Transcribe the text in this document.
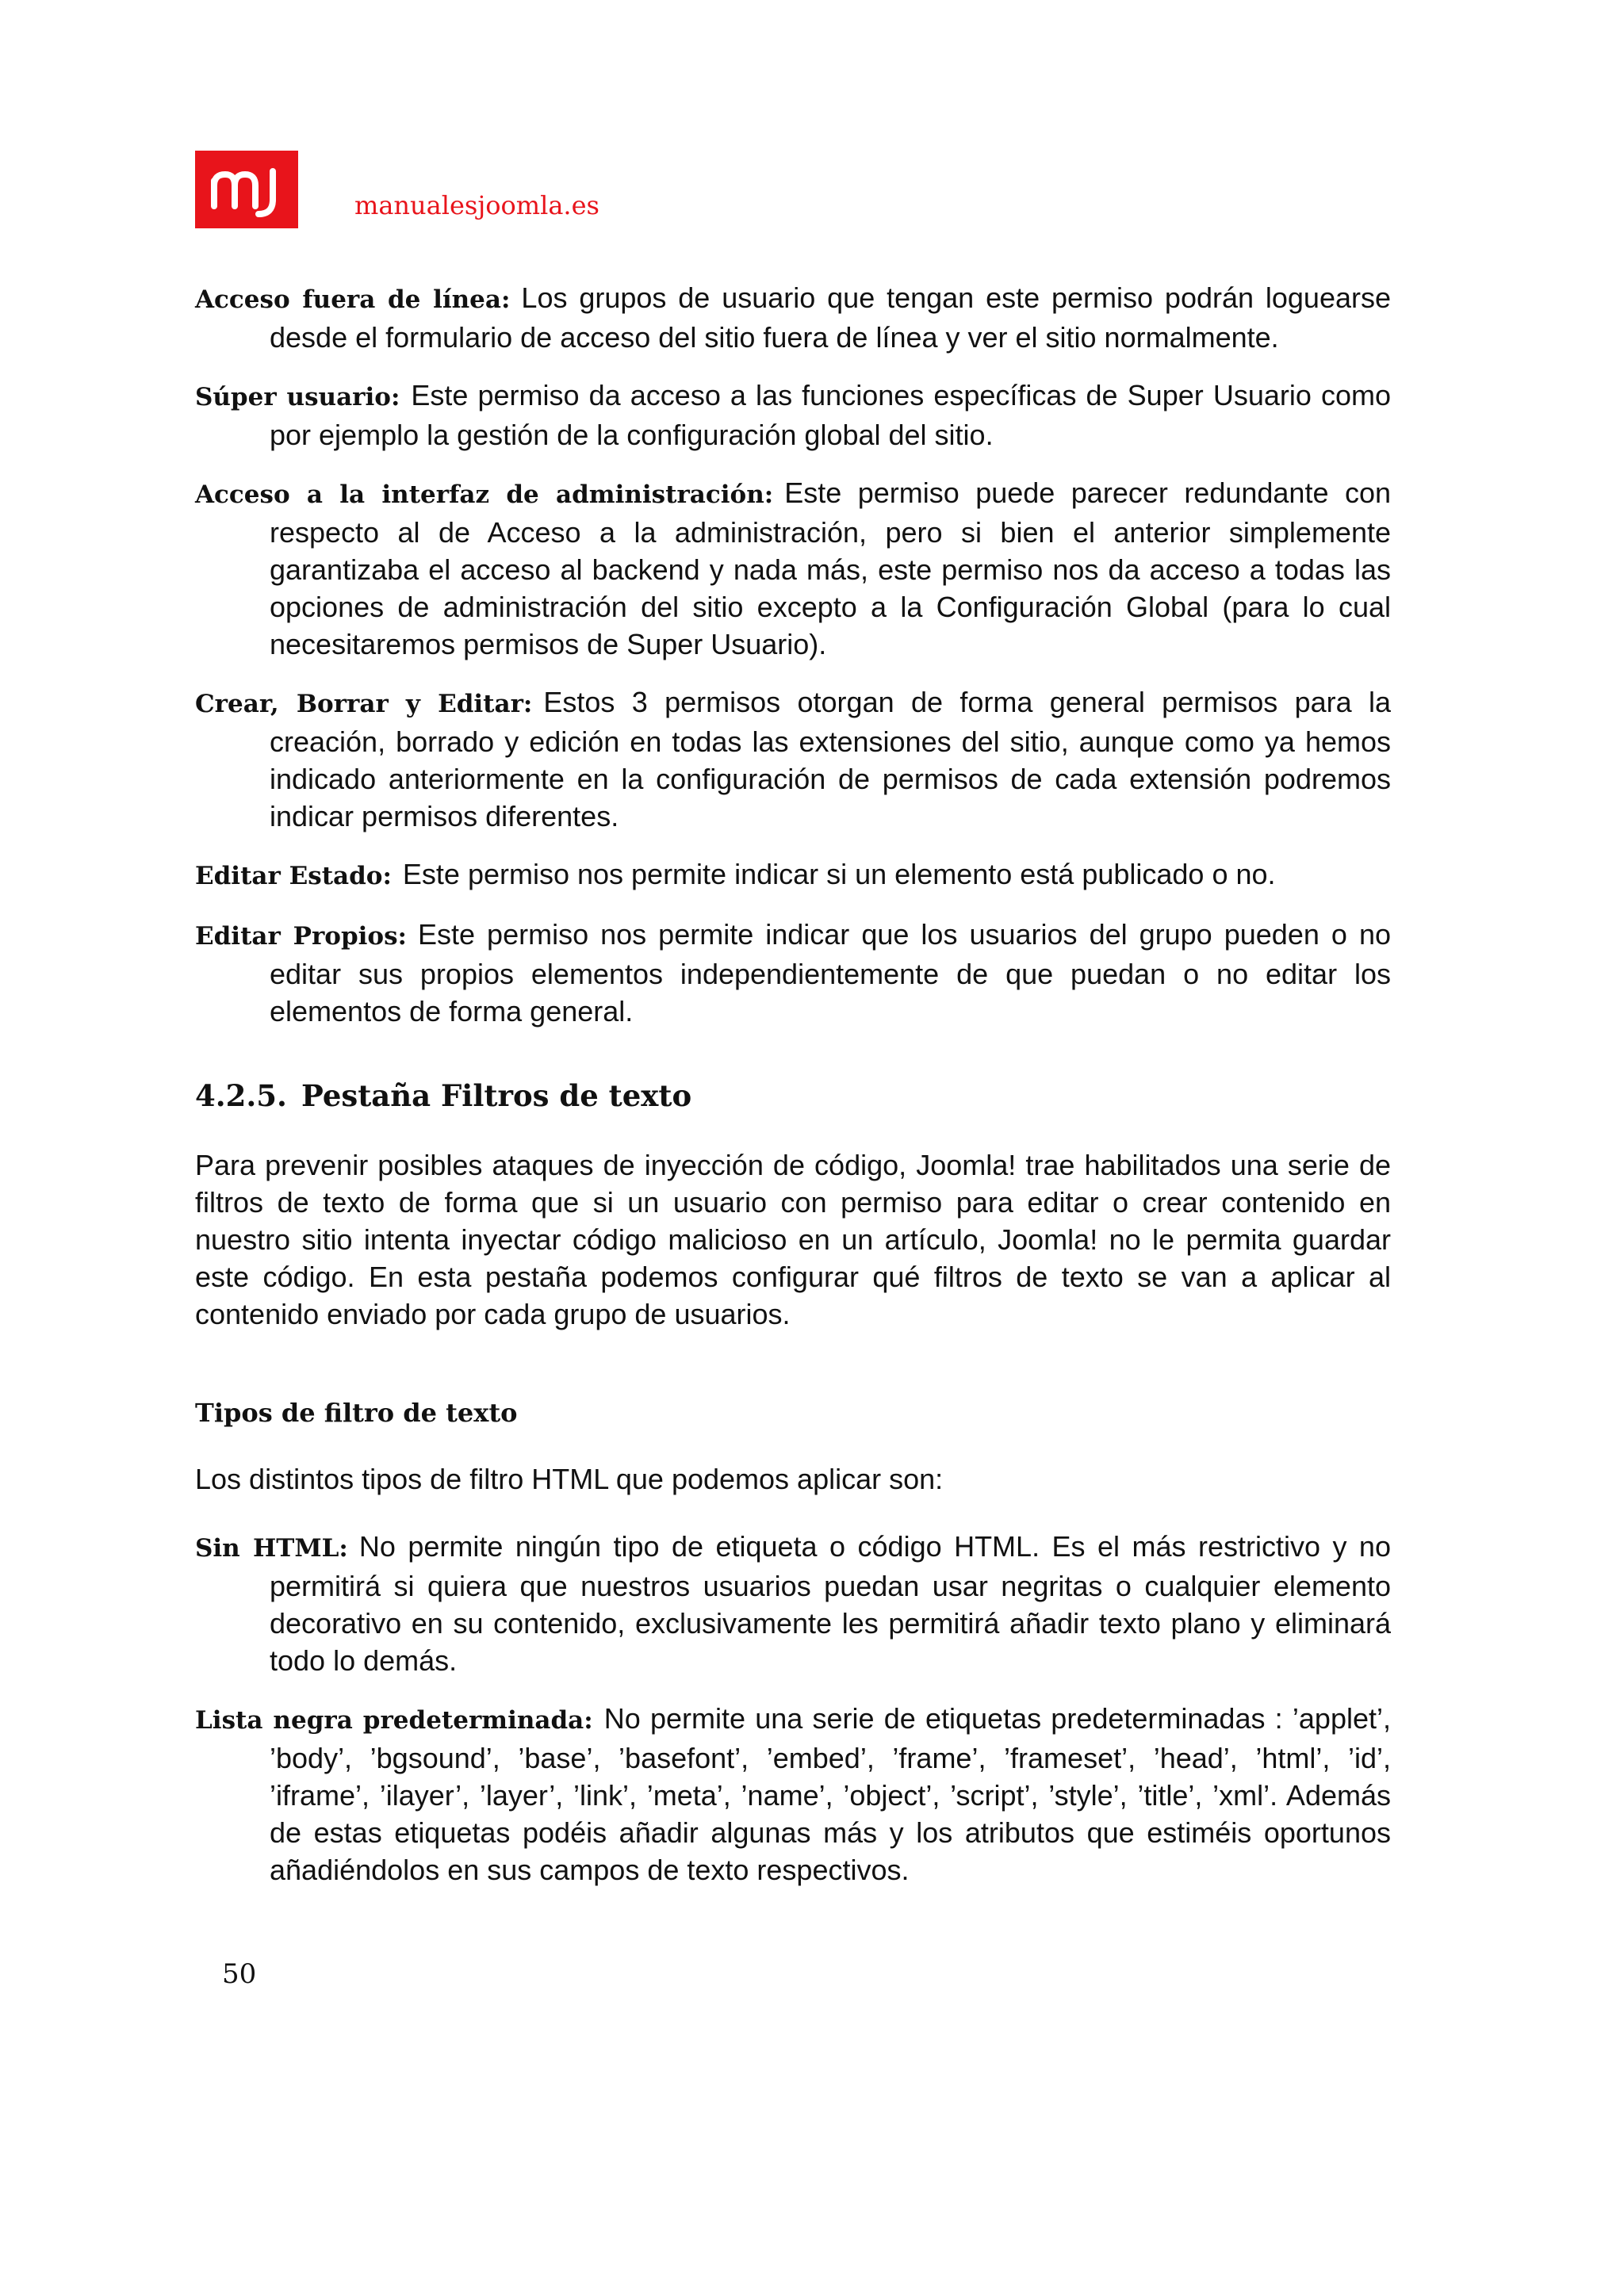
manualesjoomla.es

Acceso fuera de línea: Los grupos de usuario que tengan este permiso podrán loguearse desde el formulario de acceso del sitio fuera de línea y ver el sitio normalmente.

Súper usuario: Este permiso da acceso a las funciones específicas de Super Usuario como por ejemplo la gestión de la configuración global del sitio.

Acceso a la interfaz de administración: Este permiso puede parecer redundante con respecto al de Acceso a la administración, pero si bien el anterior simplemente garantizaba el acceso al backend y nada más, este permiso nos da acceso a todas las opciones de administración del sitio excepto a la Configuración Global (para lo cual necesitaremos permisos de Super Usuario).

Crear, Borrar y Editar: Estos 3 permisos otorgan de forma general permisos para la creación, borrado y edición en todas las extensiones del sitio, aunque como ya hemos indicado anteriormente en la configuración de permisos de cada extensión podremos indicar permisos diferentes.

Editar Estado: Este permiso nos permite indicar si un elemento está publicado o no.

Editar Propios: Este permiso nos permite indicar que los usuarios del grupo pueden o no editar sus propios elementos independientemente de que puedan o no editar los elementos de forma general.

4.2.5. Pestaña Filtros de texto

Para prevenir posibles ataques de inyección de código, Joomla! trae habilitados una serie de filtros de texto de forma que si un usuario con permiso para editar o crear contenido en nuestro sitio intenta inyectar código malicioso en un artículo, Joomla! no le permita guardar este código. En esta pestaña podemos configurar qué filtros de texto se van a aplicar al contenido enviado por cada grupo de usuarios.

Tipos de filtro de texto

Los distintos tipos de filtro HTML que podemos aplicar son:

Sin HTML: No permite ningún tipo de etiqueta o código HTML. Es el más restrictivo y no permitirá si quiera que nuestros usuarios puedan usar negritas o cualquier elemento decorativo en su contenido, exclusivamente les permitirá añadir texto plano y eliminará todo lo demás.

Lista negra predeterminada: No permite una serie de etiquetas predeterminadas : ’applet’, ’body’, ’bgsound’, ’base’, ’basefont’, ’embed’, ’frame’, ’frameset’, ’head’, ’html’, ’id’, ’iframe’, ’ilayer’, ’layer’, ’link’, ’meta’, ’name’, ’object’, ’script’, ’style’, ’title’, ’xml’. Además de estas etiquetas podéis añadir algunas más y los atributos que estiméis oportunos añadiéndolos en sus campos de texto respectivos.

50
